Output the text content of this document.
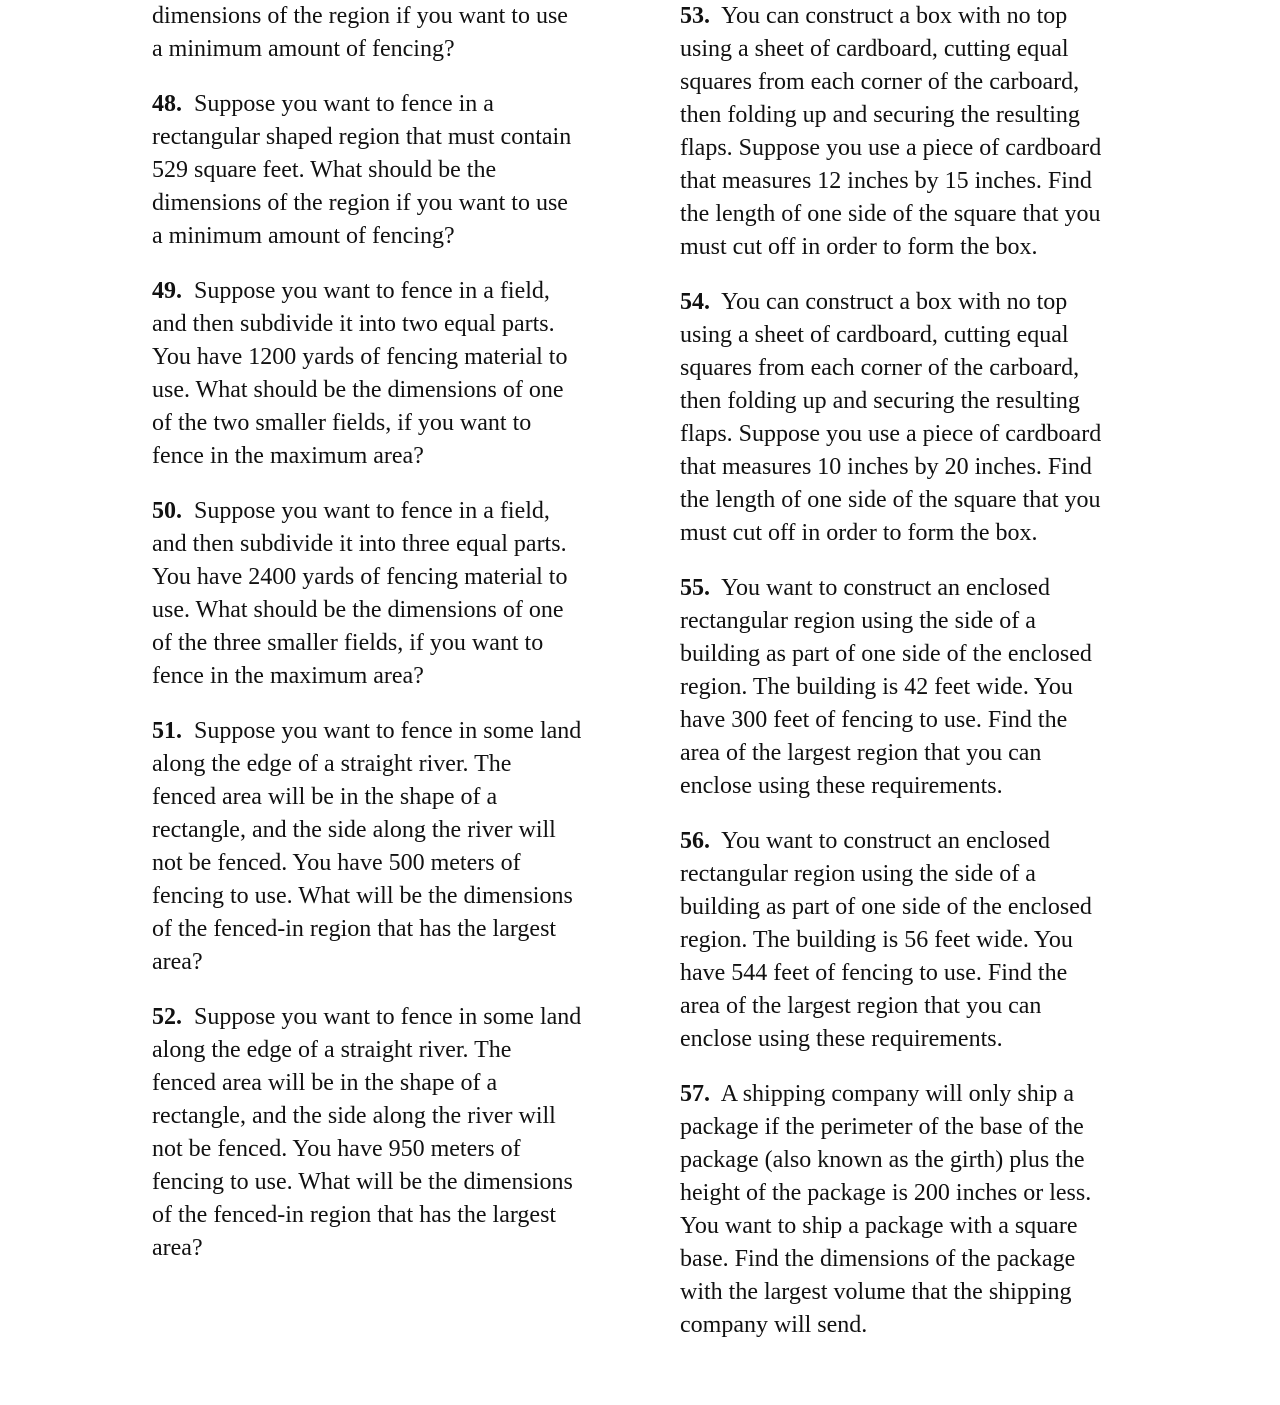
dimensions of the region if you want to use
a minimum amount of fencing?
48. Suppose you want to fence in a
rectangular shaped region that must contain
529 square feet. What should be the
dimensions of the region if you want to use
a minimum amount of fencing?
49. Suppose you want to fence in a field,
and then subdivide it into two equal parts.
You have 1200 yards of fencing material to
use. What should be the dimensions of one
of the two smaller fields, if you want to
fence in the maximum area?
50. Suppose you want to fence in a field,
and then subdivide it into three equal parts.
You have 2400 yards of fencing material to
use. What should be the dimensions of one
of the three smaller fields, if you want to
fence in the maximum area?
51. Suppose you want to fence in some land
along the edge of a straight river. The
fenced area will be in the shape of a
rectangle, and the side along the river will
not be fenced. You have 500 meters of
fencing to use. What will be the dimensions
of the fenced-in region that has the largest
area?
52. Suppose you want to fence in some land
along the edge of a straight river. The
fenced area will be in the shape of a
rectangle, and the side along the river will
not be fenced. You have 950 meters of
fencing to use. What will be the dimensions
of the fenced-in region that has the largest
area?
53. You can construct a box with no top
using a sheet of cardboard, cutting equal
squares from each corner of the carboard,
then folding up and securing the resulting
flaps. Suppose you use a piece of cardboard
that measures 12 inches by 15 inches. Find
the length of one side of the square that you
must cut off in order to form the box.
54. You can construct a box with no top
using a sheet of cardboard, cutting equal
squares from each corner of the carboard,
then folding up and securing the resulting
flaps. Suppose you use a piece of cardboard
that measures 10 inches by 20 inches. Find
the length of one side of the square that you
must cut off in order to form the box.
55. You want to construct an enclosed
rectangular region using the side of a
building as part of one side of the enclosed
region. The building is 42 feet wide. You
have 300 feet of fencing to use. Find the
area of the largest region that you can
enclose using these requirements.
56.  You want to construct an enclosed
rectangular region using the side of a
building as part of one side of the enclosed
region. The building is 56 feet wide. You
have 544 feet of fencing to use. Find the
area of the largest region that you can
enclose using these requirements.
57. A shipping company will only ship a
package if the perimeter of the base of the
package (also known as the girth) plus the
height of the package is 200 inches or less.
You want to ship a package with a square
base. Find the dimensions of the package
with the largest volume that the shipping
company will send.
